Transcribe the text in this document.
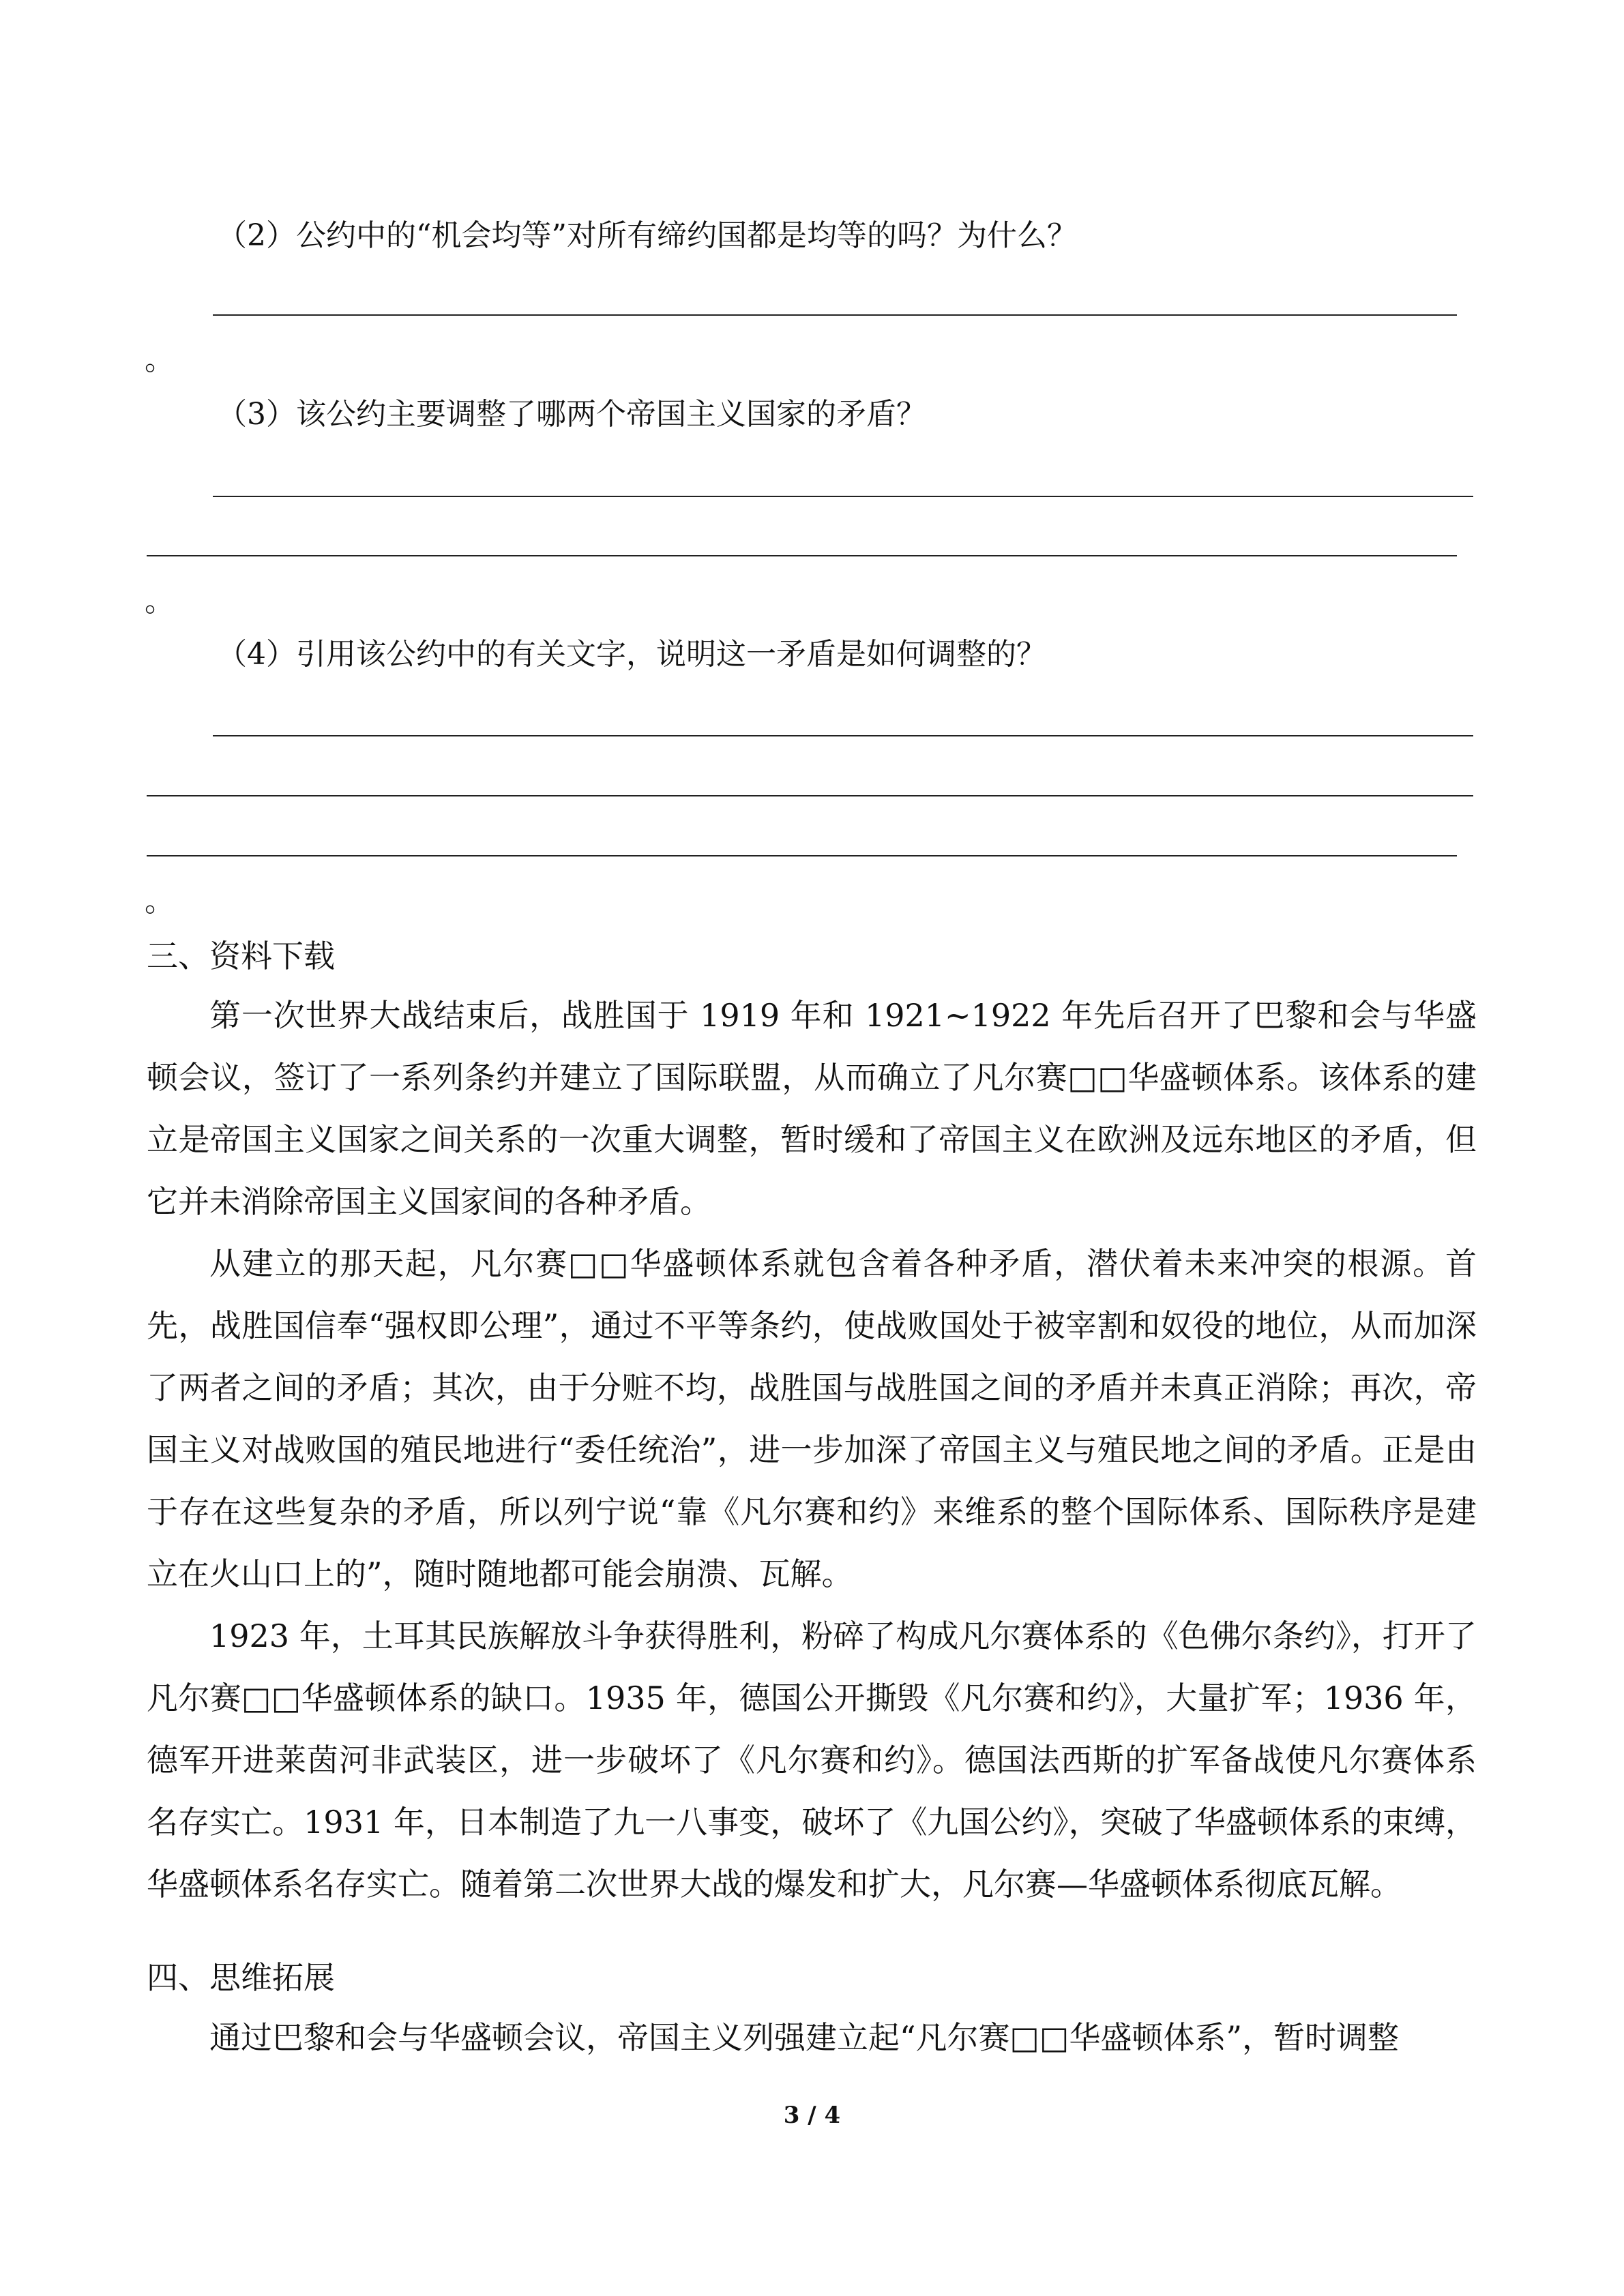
（2）公约中的“机会均等”对所有缔约国都是均等的吗？为什么？
。
（3）该公约主要调整了哪两个帝国主义国家的矛盾？
。
（4）引用该公约中的有关文字，说明这一矛盾是如何调整的？
。
三、资料下载

第一次世界大战结束后，战胜国于 1919 年和 1921~1922 年先后召开了巴黎和会与华盛顿会议，签订了一系列条约并建立了国际联盟，从而确立了凡尔赛□□华盛顿体系。该体系的建立是帝国主义国家之间关系的一次重大调整，暂时缓和了帝国主义在欧洲及远东地区的矛盾，但它并未消除帝国主义国家间的各种矛盾。

从建立的那天起，凡尔赛□□华盛顿体系就包含着各种矛盾，潜伏着未来冲突的根源。首先，战胜国信奉“强权即公理”，通过不平等条约，使战败国处于被宰割和奴役的地位，从而加深了两者之间的矛盾；其次，由于分赃不均，战胜国与战胜国之间的矛盾并未真正消除；再次，帝国主义对战败国的殖民地进行“委任统治”，进一步加深了帝国主义与殖民地之间的矛盾。正是由于存在这些复杂的矛盾，所以列宁说“靠《凡尔赛和约》来维系的整个国际体系、国际秩序是建立在火山口上的”，随时随地都可能会崩溃、瓦解。

1923 年，土耳其民族解放斗争获得胜利，粉碎了构成凡尔赛体系的《色佛尔条约》，打开了凡尔赛□□华盛顿体系的缺口。1935 年，德国公开撕毁《凡尔赛和约》，大量扩军；1936 年，德军开进莱茵河非武装区，进一步破坏了《凡尔赛和约》。德国法西斯的扩军备战使凡尔赛体系名存实亡。1931 年，日本制造了九一八事变，破坏了《九国公约》，突破了华盛顿体系的束缚，华盛顿体系名存实亡。随着第二次世界大战的爆发和扩大，凡尔赛—华盛顿体系彻底瓦解。

四、思维拓展

通过巴黎和会与华盛顿会议，帝国主义列强建立起“凡尔赛□□华盛顿体系”，暂时调整

3 / 4
